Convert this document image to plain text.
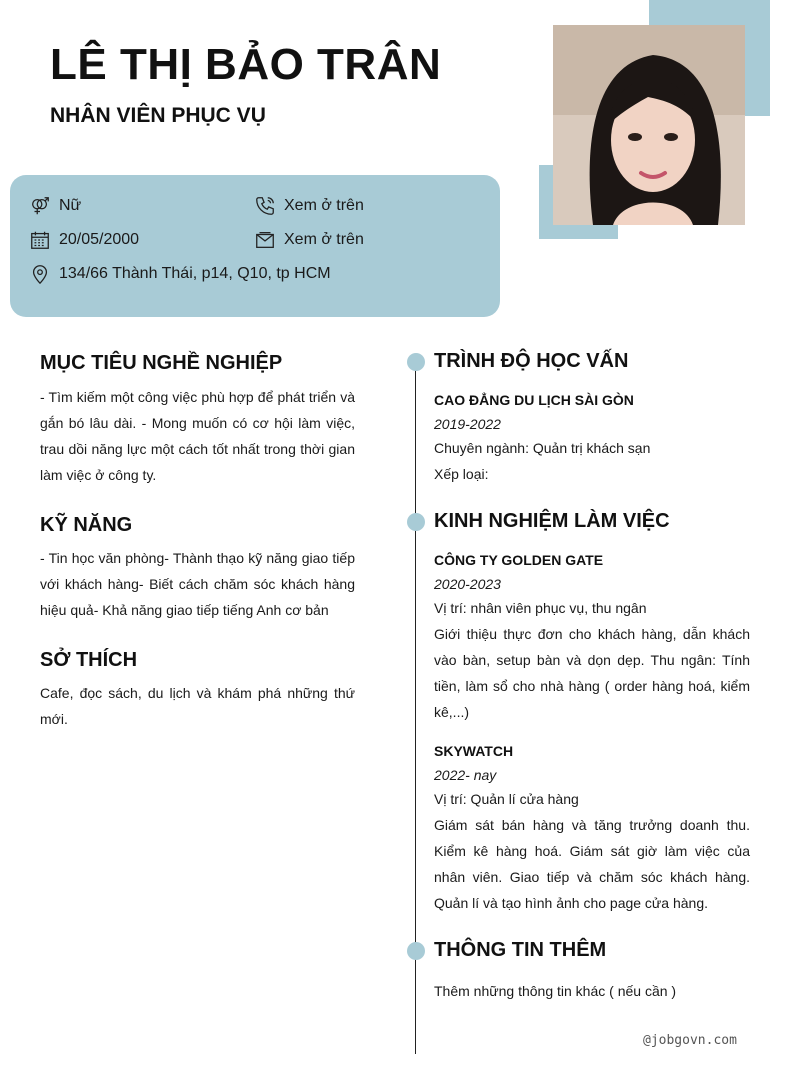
LÊ THỊ BẢO TRÂN
NHÂN VIÊN PHỤC VỤ
Nữ	Xem ở trên
20/05/2000	Xem ở trên
134/66 Thành Thái, p14, Q10, tp HCM
MỤC TIÊU NGHỀ NGHIỆP
- Tìm kiếm một công việc phù hợp để phát triển và gắn bó lâu dài. - Mong muốn có cơ hội làm việc, trau dồi năng lực một cách tốt nhất trong thời gian làm việc ở công ty.
KỸ NĂNG
- Tin học văn phòng- Thành thạo kỹ năng giao tiếp với khách hàng- Biết cách chăm sóc khách hàng hiệu quả- Khả năng giao tiếp tiếng Anh cơ bản
SỞ THÍCH
Cafe, đọc sách, du lịch và khám phá những thứ mới.
TRÌNH ĐỘ HỌC VẤN
CAO ĐẲNG DU LỊCH SÀI GÒN
2019-2022
Chuyên ngành: Quản trị khách sạn
Xếp loại:
KINH NGHIỆM LÀM VIỆC
CÔNG TY GOLDEN GATE
2020-2023
Vị trí: nhân viên phục vụ, thu ngân
Giới thiệu thực đơn cho khách hàng, dẫn khách vào bàn, setup bàn và dọn dẹp. Thu ngân: Tính tiền, làm sổ cho nhà hàng ( order hàng hoá, kiểm kê,...)
SKYWATCH
2022- nay
Vị trí: Quản lí cửa hàng
Giám sát bán hàng và tăng trưởng doanh thu. Kiểm kê hàng hoá. Giám sát giờ làm việc của nhân viên. Giao tiếp và chăm sóc khách hàng. Quản lí và tạo hình ảnh cho page cửa hàng.
THÔNG TIN THÊM
Thêm những thông tin khác ( nếu cần )
@jobgovn.com
